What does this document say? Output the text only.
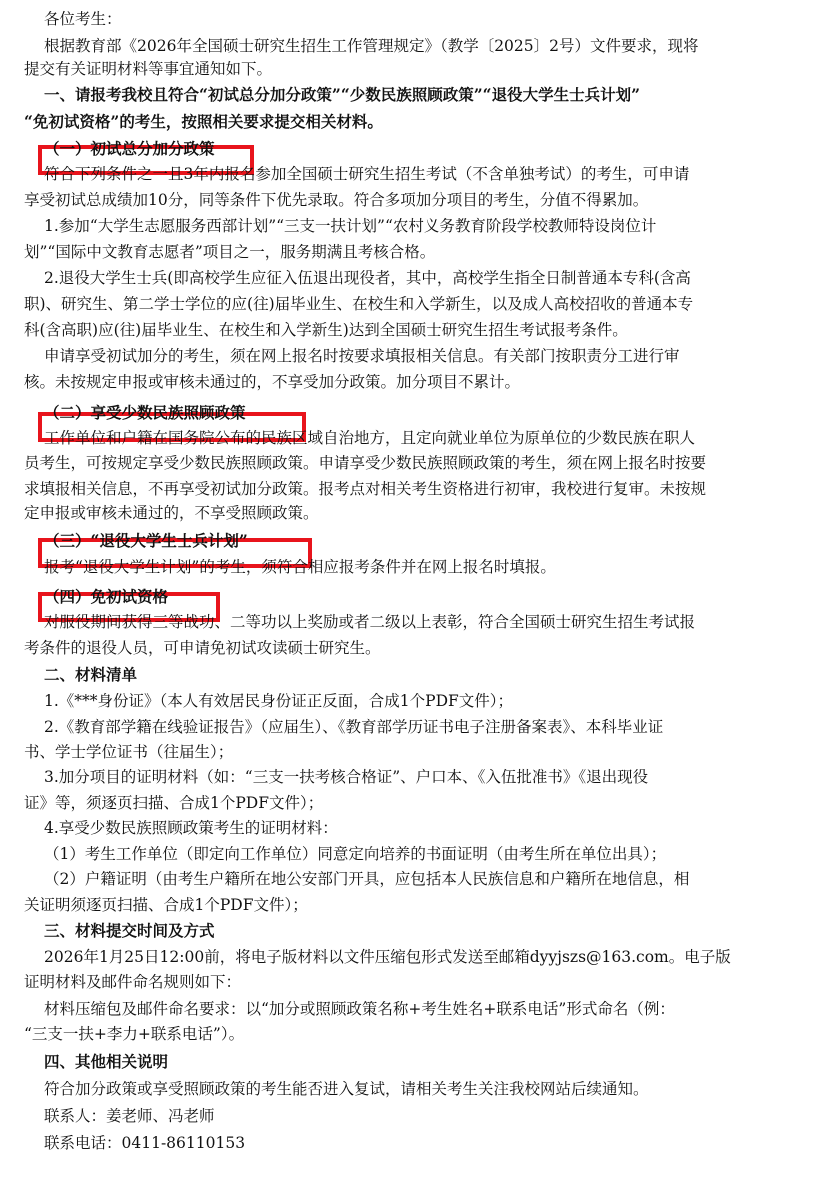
各位考生：
根据教育部《2026年全国硕士研究生招生工作管理规定》（教学〔2025〕2号）文件要求，现将
提交有关证明材料等事宜通知如下。
一、请报考我校且符合“初试总分加分政策”“少数民族照顾政策”“退役大学生士兵计划”
“免初试资格”的考生，按照相关要求提交相关材料。
（一）初试总分加分政策
符合下列条件之一且3年内报名参加全国硕士研究生招生考试（不含单独考试）的考生，可申请
享受初试总成绩加10分，同等条件下优先录取。符合多项加分项目的考生，分值不得累加。
1.参加“大学生志愿服务西部计划”“三支一扶计划”“农村义务教育阶段学校教师特设岗位计
划”“国际中文教育志愿者”项目之一，服务期满且考核合格。
2.退役大学生士兵(即高校学生应征入伍退出现役者，其中，高校学生指全日制普通本专科(含高
职)、研究生、第二学士学位的应(往)届毕业生、在校生和入学新生，以及成人高校招收的普通本专
科(含高职)应(往)届毕业生、在校生和入学新生)达到全国硕士研究生招生考试报考条件。
申请享受初试加分的考生，须在网上报名时按要求填报相关信息。有关部门按职责分工进行审
核。未按规定申报或审核未通过的，不享受加分政策。加分项目不累计。
（二）享受少数民族照顾政策
工作单位和户籍在国务院公布的民族区域自治地方，且定向就业单位为原单位的少数民族在职人
员考生，可按规定享受少数民族照顾政策。申请享受少数民族照顾政策的考生，须在网上报名时按要
求填报相关信息，不再享受初试加分政策。报考点对相关考生资格进行初审，我校进行复审。未按规
定申报或审核未通过的，不享受照顾政策。
（三）“退役大学生士兵计划”
报考“退役大学生计划”的考生，须符合相应报考条件并在网上报名时填报。
（四）免初试资格
对服役期间获得三等战功、二等功以上奖励或者二级以上表彰，符合全国硕士研究生招生考试报
考条件的退役人员，可申请免初试攻读硕士研究生。
二、材料清单
1.《***身份证》（本人有效居民身份证正反面，合成1个PDF文件）；
2.《教育部学籍在线验证报告》（应届生）、《教育部学历证书电子注册备案表》、本科毕业证
书、学士学位证书（往届生）；
3.加分项目的证明材料（如：“三支一扶考核合格证”、户口本、《入伍批准书》《退出现役
证》等，须逐页扫描、合成1个PDF文件）；
4.享受少数民族照顾政策考生的证明材料：
（1）考生工作单位（即定向工作单位）同意定向培养的书面证明（由考生所在单位出具）；
（2）户籍证明（由考生户籍所在地公安部门开具，应包括本人民族信息和户籍所在地信息，相
关证明须逐页扫描、合成1个PDF文件）；
三、材料提交时间及方式
2026年1月25日12:00前，将电子版材料以文件压缩包形式发送至邮箱dyyjszs@163.com。电子版
证明材料及邮件命名规则如下：
材料压缩包及邮件命名要求：以“加分或照顾政策名称+考生姓名+联系电话”形式命名（例：
“三支一扶+李力+联系电话”）。
四、其他相关说明
符合加分政策或享受照顾政策的考生能否进入复试，请相关考生关注我校网站后续通知。
联系人：姜老师、冯老师
联系电话：0411-86110153
